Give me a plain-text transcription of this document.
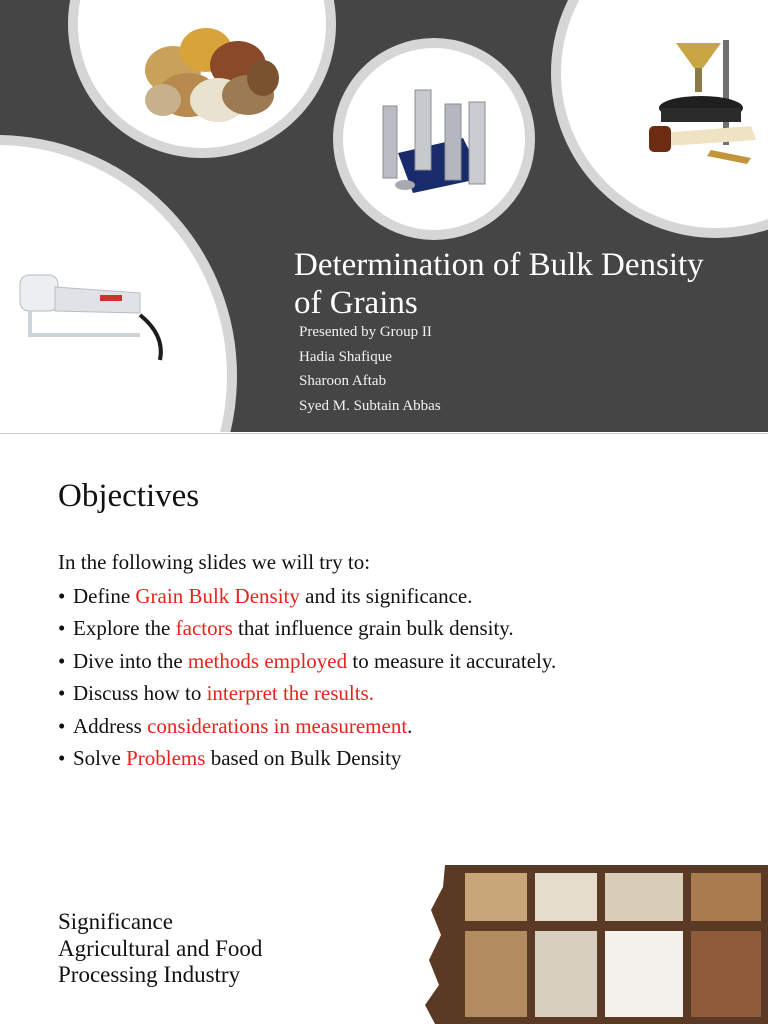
Determination of Bulk Density
of Grains
Presented by Group II
Hadia Shafique
Sharoon Aftab
Syed M. Subtain Abbas
Objectives
In the following slides we will try to:
• Define Grain Bulk Density and its significance.
• Explore the factors that influence grain bulk density.
• Dive into the methods employed to measure it accurately.
• Discuss how to interpret the results.
• Address considerations in measurement.
• Solve Problems based on Bulk Density
Significance
Agricultural and Food
Processing Industry
